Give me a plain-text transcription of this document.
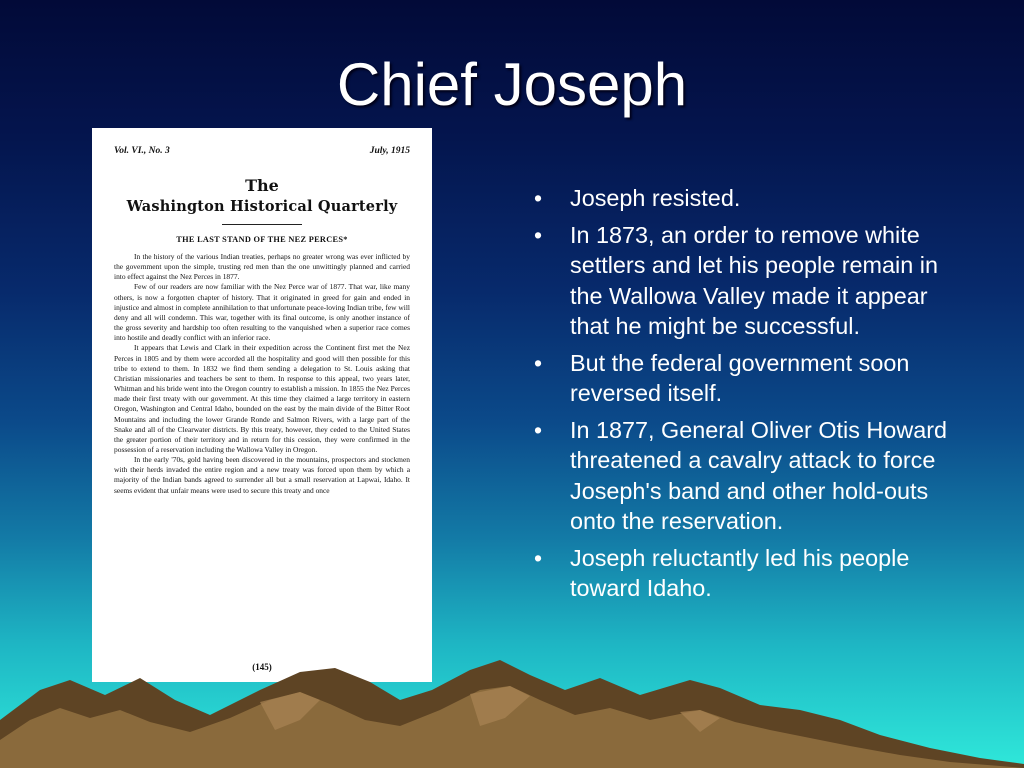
Chief Joseph
Vol. VI., No. 3	July, 1915
The
Washington Historical Quarterly
THE LAST STAND OF THE NEZ PERCES*

In the history of the various Indian treaties, perhaps no greater wrong was ever inflicted by the government upon the simple, trusting red men than the one unwittingly planned and carried into effect against the Nez Perces in 1877.

Few of our readers are now familiar with the Nez Perce war of 1877. That war, like many others, is now a forgotten chapter of history. That it originated in greed for gain and ended in injustice and almost in complete annihilation to that unfortunate peace-loving Indian tribe, few will deny and all will condemn. This war, together with its final outcome, is only another instance of the gross severity and hardship too often resulting to the vanquished when a superior race comes into hostile and deadly conflict with an inferior race.

It appears that Lewis and Clark in their expedition across the Continent first met the Nez Perces in 1805 and by them were accorded all the hospitality and good will then possible for this tribe to extend to them. In 1832 we find them sending a delegation to St. Louis asking that Christian missionaries and teachers be sent to them. In response to this appeal, two years later, Whitman and his bride went into the Oregon country to establish a mission. In 1855 the Nez Perces made their first treaty with our government. At this time they claimed a large territory in eastern Oregon, Washington and Central Idaho, bounded on the east by the main divide of the Bitter Root Mountains and including the lower Grande Ronde and Salmon Rivers, with a large part of the Snake and all of the Clearwater districts. By this treaty, however, they ceded to the United States the greater portion of their territory and in return for this cession, they were confirmed in the possession of a reservation including the Wallowa Valley in Oregon.

In the early '70s, gold having been discovered in the mountains, prospectors and stockmen with their herds invaded the entire region and a new treaty was forced upon them by which a majority of the Indian bands agreed to surrender all but a small reservation at Lapwai, Idaho. It seems evident that unfair means were used to secure this treaty and once

(145)
•	Joseph resisted.
•	In 1873, an order to remove white settlers and let his people remain in the Wallowa Valley made it appear that he might be successful.
•	But the federal government soon reversed itself.
•	In 1877, General Oliver Otis Howard threatened a cavalry attack to force Joseph's band and other hold-outs onto the reservation.
•	Joseph reluctantly led his people toward Idaho.
